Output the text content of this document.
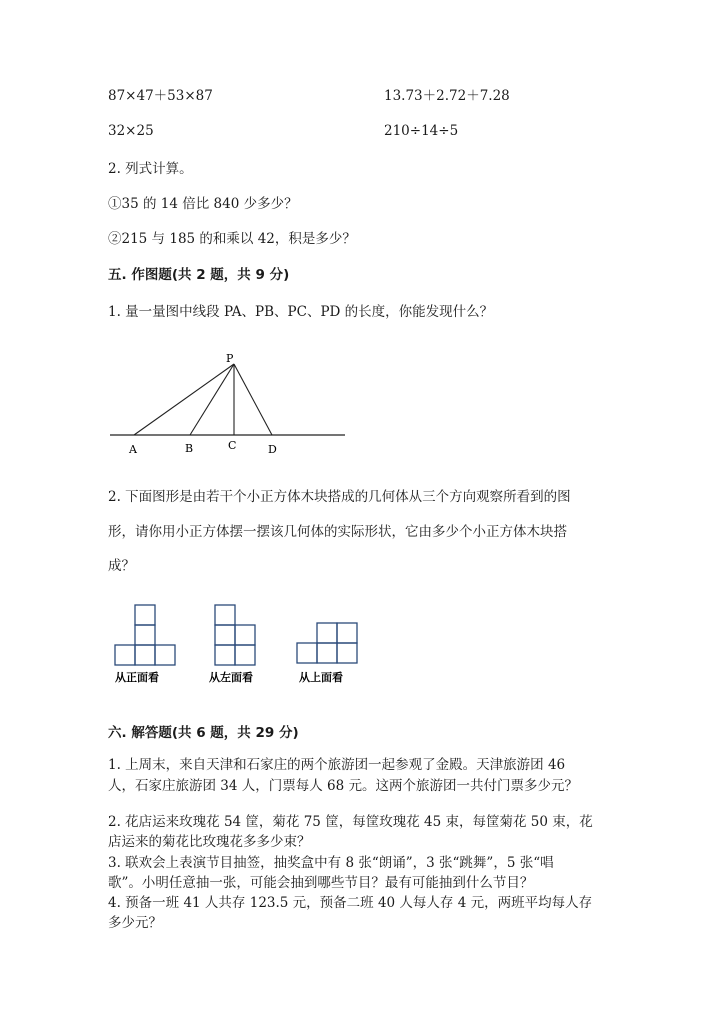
87×47＋53×87	13.73＋2.72＋7.28
32×25	210÷14÷5
2. 列式计算。
①35 的 14 倍比 840 少多少？
②215 与 185 的和乘以 42，积是多少？
五. 作图题(共 2 题，共 9 分)
1. 量一量图中线段 PA、PB、PC、PD 的长度，你能发现什么？
P
A	B	C	D
2. 下面图形是由若干个小正方体木块搭成的几何体从三个方向观察所看到的图
形，请你用小正方体摆一摆该几何体的实际形状，它由多少个小正方体木块搭
成？
从正面看	从左面看	从上面看
六. 解答题(共 6 题，共 29 分)
1. 上周末，来自天津和石家庄的两个旅游团一起参观了金殿。天津旅游团 46
人，石家庄旅游团 34 人，门票每人 68 元。这两个旅游团一共付门票多少元？
2. 花店运来玫瑰花 54 筐，菊花 75 筐，每筐玫瑰花 45 束，每筐菊花 50 束，花
店运来的菊花比玫瑰花多多少束？
3. 联欢会上表演节目抽签，抽奖盒中有 8 张“朗诵”，3 张“跳舞”，5 张“唱
歌”。小明任意抽一张，可能会抽到哪些节目？最有可能抽到什么节目？
4. 预备一班 41 人共存 123.5 元，预备二班 40 人每人存 4 元，两班平均每人存
多少元？
